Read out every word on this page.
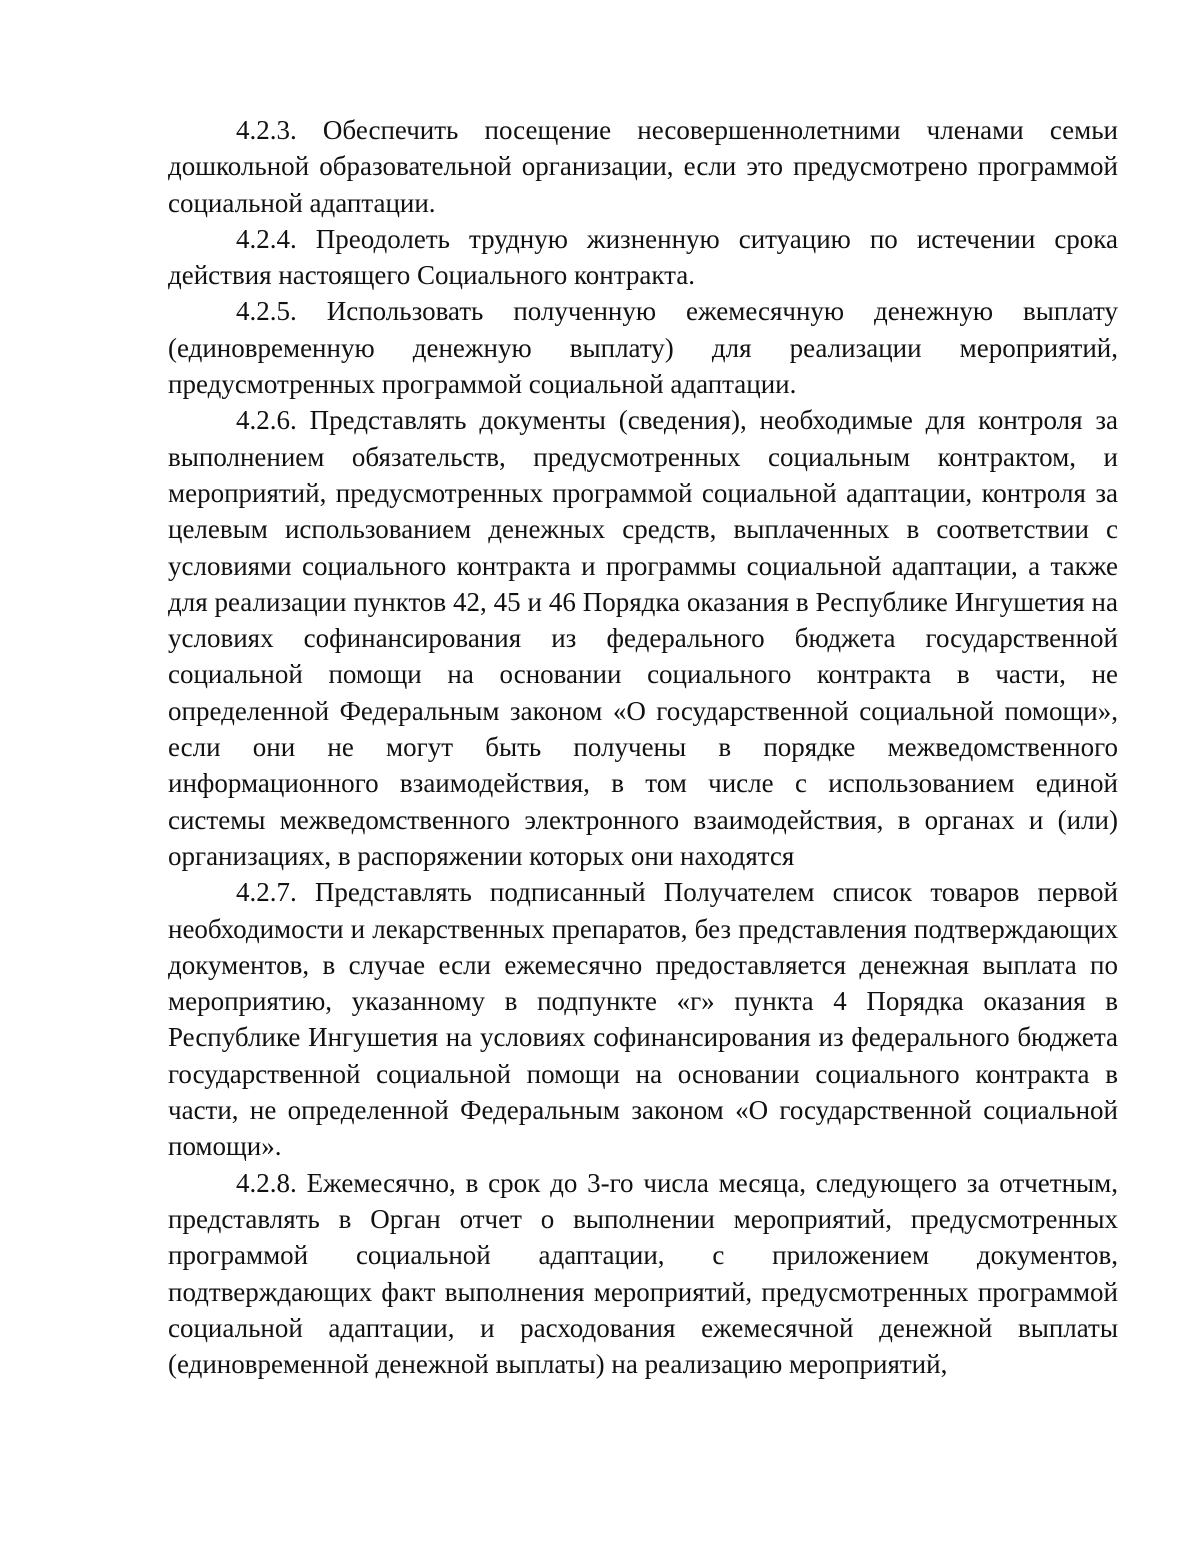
4.2.3. Обеспечить посещение несовершеннолетними членами семьи дошкольной образовательной организации, если это предусмотрено программой социальной адаптации.

4.2.4. Преодолеть трудную жизненную ситуацию по истечении срока действия настоящего Социального контракта.

4.2.5. Использовать полученную ежемесячную денежную выплату (единовременную денежную выплату) для реализации мероприятий, предусмотренных программой социальной адаптации.

4.2.6. Представлять документы (сведения), необходимые для контроля за выполнением обязательств, предусмотренных социальным контрактом, и мероприятий, предусмотренных программой социальной адаптации, контроля за целевым использованием денежных средств, выплаченных в соответствии с условиями социального контракта и программы социальной адаптации, а также для реализации пунктов 42, 45 и 46 Порядка оказания в Республике Ингушетия на условиях софинансирования из федерального бюджета государственной социальной помощи на основании социального контракта в части, не определенной Федеральным законом «О государственной социальной помощи», если они не могут быть получены в порядке межведомственного информационного взаимодействия, в том числе с использованием единой системы межведомственного электронного взаимодействия, в органах и (или) организациях, в распоряжении которых они находятся

4.2.7. Представлять подписанный Получателем список товаров первой необходимости и лекарственных препаратов, без представления подтверждающих документов, в случае если ежемесячно предоставляется денежная выплата по мероприятию, указанному в подпункте «г» пункта 4 Порядка оказания в Республике Ингушетия на условиях софинансирования из федерального бюджета государственной социальной помощи на основании социального контракта в части, не определенной Федеральным законом «О государственной социальной помощи».

4.2.8. Ежемесячно, в срок до 3-го числа месяца, следующего за отчетным, представлять в Орган отчет о выполнении мероприятий, предусмотренных программой социальной адаптации, с приложением документов, подтверждающих факт выполнения мероприятий, предусмотренных программой социальной адаптации, и расходования ежемесячной денежной выплаты (единовременной денежной выплаты) на реализацию мероприятий,
